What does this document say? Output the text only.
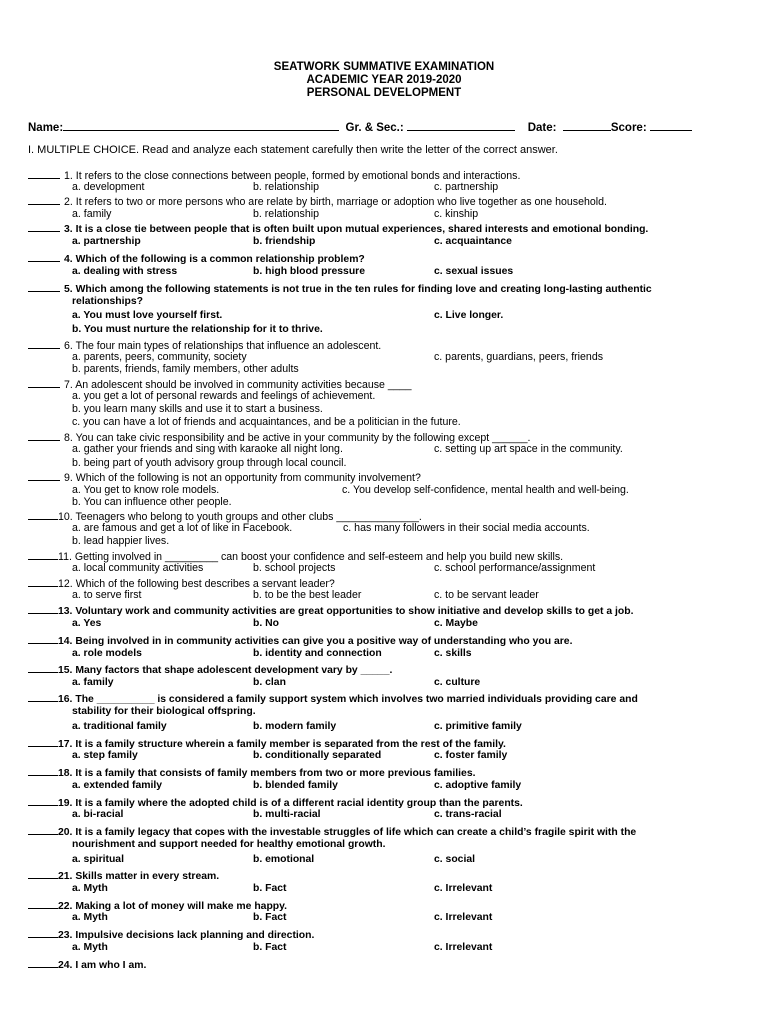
SEATWORK SUMMATIVE EXAMINATION
ACADEMIC YEAR 2019-2020
PERSONAL DEVELOPMENT
Name:	Gr. & Sec.:	Date:	Score:
I. MULTIPLE CHOICE. Read and analyze each statement carefully then write the letter of the correct answer.
1. It refers to the close connections between people, formed by emotional bonds and interactions.
a. development	b. relationship	c. partnership
2. It refers to two or more persons who are relate by birth, marriage or adoption who live together as one household.
a. family	b. relationship	c. kinship
3. It is a close tie between people that is often built upon mutual experiences, shared interests and emotional bonding.
a. partnership	b. friendship	c. acquaintance
4. Which of the following is a common relationship problem?
a. dealing with stress	b. high blood pressure	c. sexual issues
5. Which among the following statements is not true in the ten rules for finding love and creating long-lasting authentic
relationships?
a. You must love yourself first.	c. Live longer.
b. You must nurture the relationship for it to thrive.
6. The four main types of relationships that influence an adolescent.
a. parents, peers, community, society	c. parents, guardians, peers, friends
b. parents, friends, family members, other adults
7. An adolescent should be involved in community activities because ____
a. you get a lot of personal rewards and feelings of achievement.
b. you learn many skills and use it to start a business.
c. you can have a lot of friends and acquaintances, and be a politician in the future.
8. You can take civic responsibility and be active in your community by the following except ______.
a. gather your friends and sing with karaoke all night long.	c. setting up art space in the community.
b. being part of youth advisory group through local council.
9. Which of the following is not an opportunity from community involvement?
a. You get to know role models.	c. You develop self-confidence, mental health and well-being.
b. You can influence other people.
10. Teenagers who belong to youth groups and other clubs ______________.
a. are famous and get a lot of like in Facebook.	c. has many followers in their social media accounts.
b. lead happier lives.
11. Getting involved in _________ can boost your confidence and self-esteem and help you build new skills.
a. local community activities	b. school projects	c. school performance/assignment
12. Which of the following best describes a servant leader?
a. to serve first	b. to be the best leader	c. to be servant leader
13. Voluntary work and community activities are great opportunities to show initiative and develop skills to get a job.
a. Yes	b. No	c. Maybe
14. Being involved in in community activities can give you a positive way of understanding who you are.
a. role models	b. identity and connection	c. skills
15. Many factors that shape adolescent development vary by _____.
a. family	b. clan	c. culture
16. The __________ is considered a family support system which involves two married individuals providing care and
stability for their biological offspring.
a. traditional family	b. modern family	c. primitive family
17. It is a family structure wherein a family member is separated from the rest of the family.
a. step family	b. conditionally separated	c. foster family
18. It is a family that consists of family members from two or more previous families.
a. extended family	b. blended family	c. adoptive family
19. It is a family where the adopted child is of a different racial identity group than the parents.
a. bi-racial	b. multi-racial	c. trans-racial
20. It is a family legacy that copes with the investable struggles of life which can create a child’s fragile spirit with the
nourishment and support needed for healthy emotional growth.
a. spiritual	b. emotional	c. social
21. Skills matter in every stream.
a. Myth	b. Fact	c. Irrelevant
22. Making a lot of money will make me happy.
a. Myth	b. Fact	c. Irrelevant
23. Impulsive decisions lack planning and direction.
a. Myth	b. Fact	c. Irrelevant
24. I am who I am.
